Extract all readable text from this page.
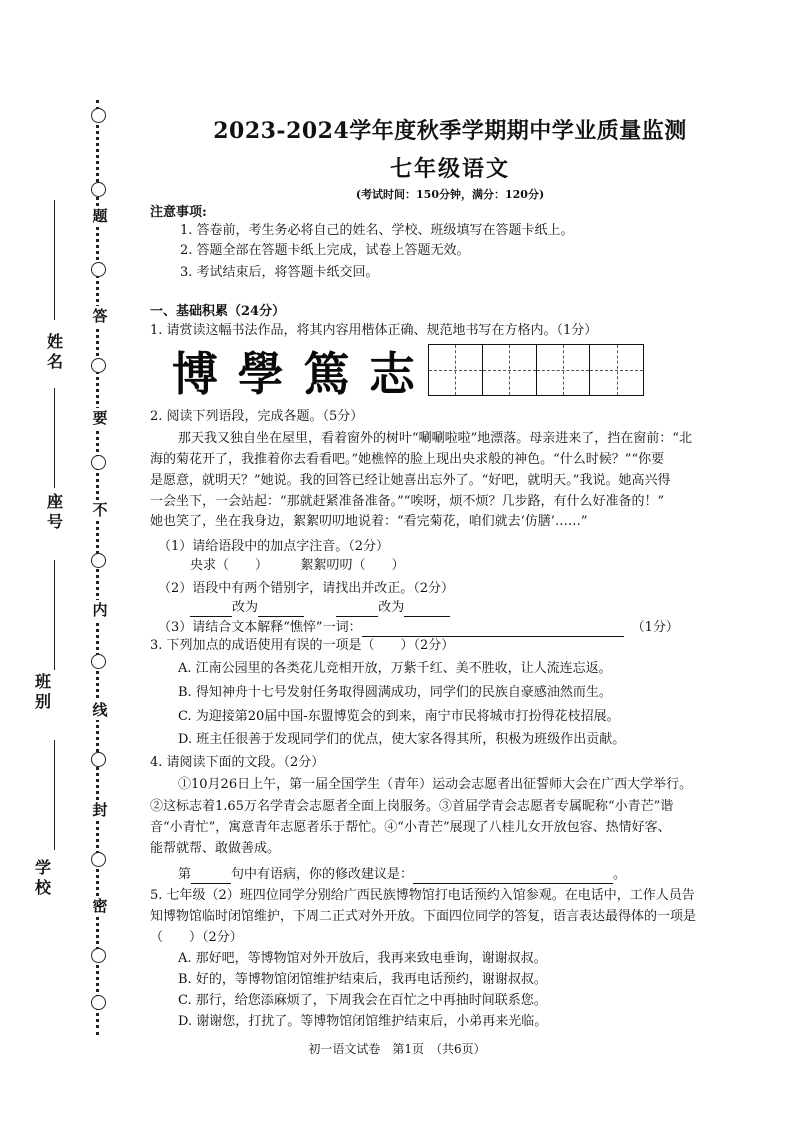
题
答
要
不
内
线
封
密
姓名
座号
班别
学校
2023-2024学年度秋季学期期中学业质量监测
七年级语文
(考试时间：150分钟，满分：120分)
注意事项:
1. 答卷前，考生务必将自己的姓名、学校、班级填写在答题卡纸上。
2. 答题全部在答题卡纸上完成，试卷上答题无效。
3. 考试结束后，将答题卡纸交回。
一、基础积累（24分）
1. 请赏读这幅书法作品，将其内容用楷体正确、规范地书写在方格内。（1分）
博 學 篤 志
2. 阅读下列语段，完成各题。（5分）
那天我又独自坐在屋里，看着窗外的树叶“唰唰啦啦”地漂落。母亲进来了，挡在窗前：“北
海的菊花开了，我推着你去看看吧。”她樵悴的脸上现出央求般的神色。“什么时候？”“你要
是愿意，就明天？”她说。我的回答已经让她喜出忘外了。“好吧，就明天。”我说。她高兴得
一会坐下，一会站起：“那就赶紧准备准备。”“唉呀，烦不烦？几步路，有什么好准备的！”
她也笑了，坐在我身边，絮絮叨叨地说着：“看完菊花，咱们就去‘仿膳’……”
（1）请给语段中的加点字注音。（2分）
央求（　　）　　　絮絮叨叨（　　）
（2）语段中有两个错别字，请找出并改正。（2分）
改为	改为
（3）请结合文本解释“憔悴”一词：	（1分）
3. 下列加点的成语使用有误的一项是（　　）（2分）
A. 江南公园里的各类花儿竞相开放，万紫千红、美不胜收，让人流连忘返。
B. 得知神舟十七号发射任务取得圆满成功，同学们的民族自豪感油然而生。
C. 为迎接第20届中国-东盟博览会的到来，南宁市民将城市打扮得花枝招展。
D. 班主任很善于发现同学们的优点，使大家各得其所，积极为班级作出贡献。
4. 请阅读下面的文段。（2分）
①10月26日上午，第一届全国学生（青年）运动会志愿者出征誓师大会在广西大学举行。
②这标志着1.65万名学青会志愿者全面上岗服务。③首届学青会志愿者专属昵称“小青芒”谐
音“小青忙”，寓意青年志愿者乐于帮忙。④“小青芒”展现了八桂儿女开放包容、热情好客、
能帮就帮、敢做善成。
第	句中有语病，你的修改建议是：	。
5. 七年级（2）班四位同学分别给广西民族博物馆打电话预约入馆参观。在电话中，工作人员告
知博物馆临时闭馆维护，下周二正式对外开放。下面四位同学的答复，语言表达最得体的一项是
（　　）（2分）
A. 那好吧，等博物馆对外开放后，我再来致电垂询，谢谢叔叔。
B. 好的，等博物馆闭馆维护结束后，我再电话预约，谢谢叔叔。
C. 那行，给您添麻烦了，下周我会在百忙之中再抽时间联系您。
D. 谢谢您，打扰了。等博物馆闭馆维护结束后，小弟再来光临。
初一语文试卷　第1页　（共6页）
